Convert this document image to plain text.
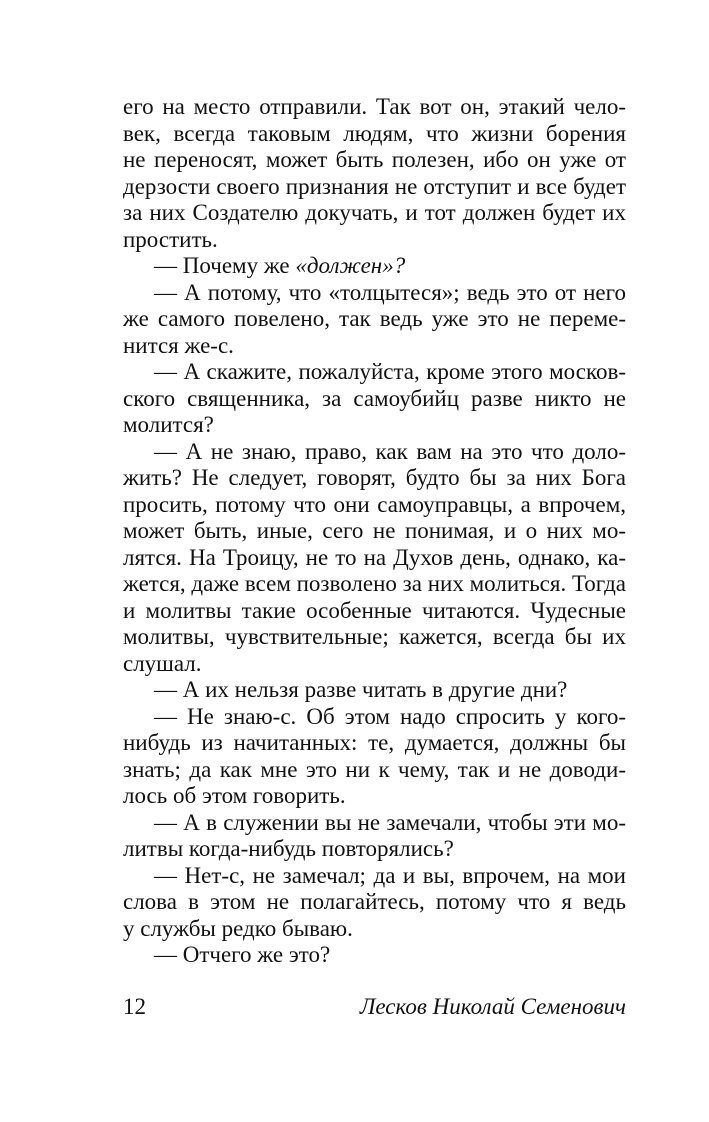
его на место отправили. Так вот он, этакий чело-
век, всегда таковым людям, что жизни борения
не переносят, может быть полезен, ибо он уже от
дерзости своего признания не отступит и все будет
за них Создателю докучать, и тот должен будет их
простить.
— Почему же «должен»?
— А потому, что «толцытеся»; ведь это от него
же самого повелено, так ведь уже это не переме-
нится же-с.
— А скажите, пожалуйста, кроме этого москов-
ского священника, за самоубийц разве никто не
молится?
— А не знаю, право, как вам на это что доло-
жить? Не следует, говорят, будто бы за них Бога
просить, потому что они самоуправцы, а впрочем,
может быть, иные, сего не понимая, и о них мо-
лятся. На Троицу, не то на Духов день, однако, ка-
жется, даже всем позволено за них молиться. Тогда
и молитвы такие особенные читаются. Чудесные
молитвы, чувствительные; кажется, всегда бы их
слушал.
— А их нельзя разве читать в другие дни?
— Не знаю-с. Об этом надо спросить у кого-
нибудь из начитанных: те, думается, должны бы
знать; да как мне это ни к чему, так и не доводи-
лось об этом говорить.
— А в служении вы не замечали, чтобы эти мо-
литвы когда-нибудь повторялись?
— Нет-с, не замечал; да и вы, впрочем, на мои
слова в этом не полагайтесь, потому что я ведь
у службы редко бываю.
— Отчего же это?
12	Лесков Николай Семенович
